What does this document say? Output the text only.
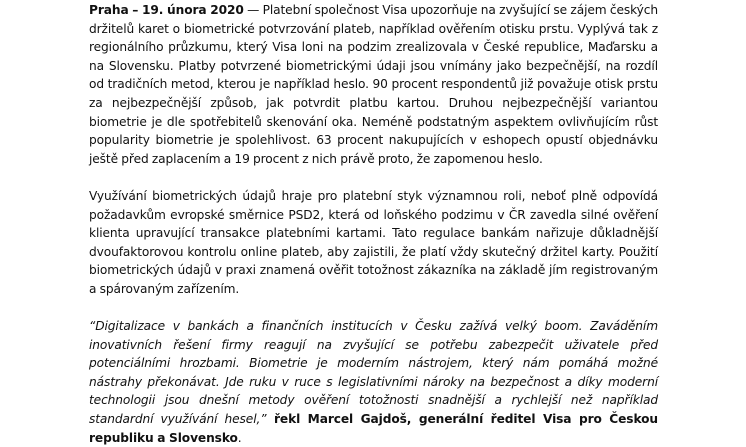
Praha – 19. února 2020 — Platební společnost Visa upozorňuje na zvyšující se zájem českých držitelů karet o biometrické potvrzování plateb, například ověřením otisku prstu. Vyplývá tak z regionálního průzkumu, který Visa loni na podzim zrealizovala v České republice, Maďarsku a na Slovensku. Platby potvrzené biometrickými údaji jsou vnímány jako bezpečnější, na rozdíl od tradičních metod, kterou je například heslo. 90 procent respondentů již považuje otisk prstu za nejbezpečnější způsob, jak potvrdit platbu kartou. Druhou nejbezpečnější variantou biometrie je dle spotřebitelů skenování oka. Neméně podstatným aspektem ovlivňujícím růst popularity biometrie je spolehlivost. 63 procent nakupujících v eshopech opustí objednávku ještě před zaplacením a 19 procent z nich právě proto, že zapomenou heslo.

Využívání biometrických údajů hraje pro platební styk významnou roli, neboť plně odpovídá požadavkům evropské směrnice PSD2, která od loňského podzimu v ČR zavedla silné ověření klienta upravující transakce platebními kartami. Tato regulace bankám nařizuje důkladnější dvoufaktorovou kontrolu online plateb, aby zajistili, že platí vždy skutečný držitel karty. Použití biometrických údajů v praxi znamená ověřit totožnost zákazníka na základě jím registrovaným a spárovaným zařízením.

“Digitalizace v bankách a finančních institucích v Česku zažívá velký boom. Zaváděním inovativních řešení firmy reagují na zvyšující se potřebu zabezpečit uživatele před potenciálními hrozbami. Biometrie je moderním nástrojem, který nám pomáhá možné nástrahy překonávat. Jde ruku v ruce s legislativními nároky na bezpečnost a díky moderní technologii jsou dnešní metody ověření totožnosti snadnější a rychlejší než například standardní využívání hesel,” řekl Marcel Gajdoš, generální ředitel Visa pro Českou republiku a Slovensko.
